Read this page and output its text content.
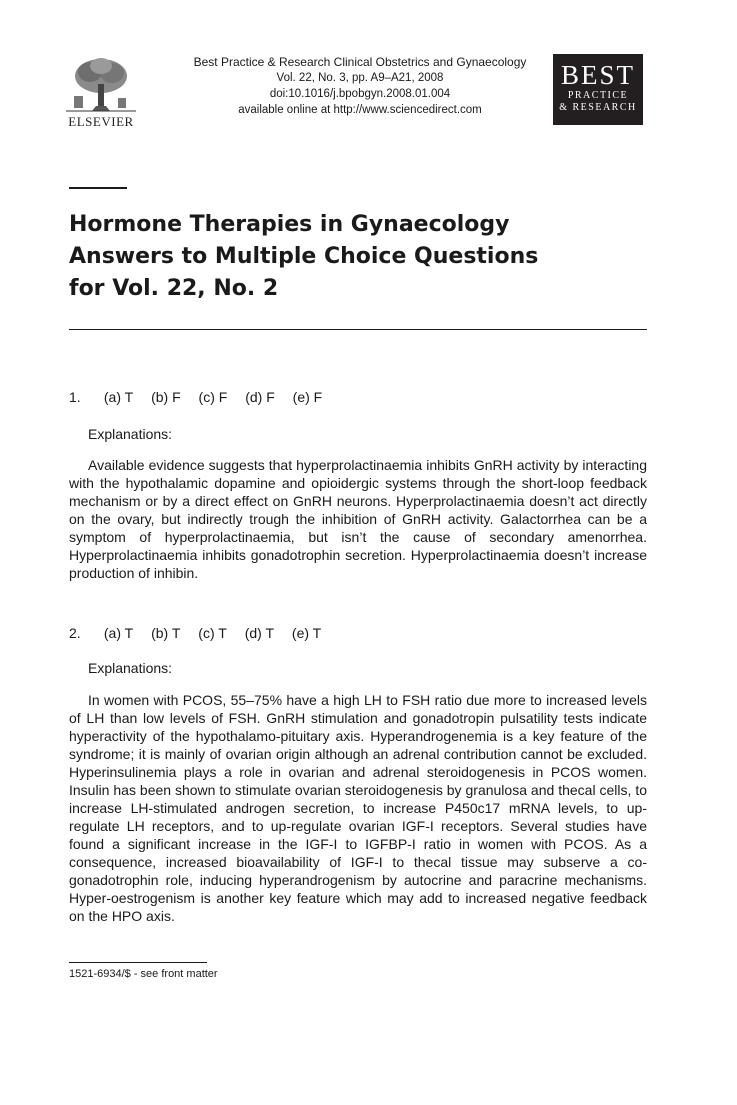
ELSEVIER
Best Practice & Research Clinical Obstetrics and Gynaecology
Vol. 22, No. 3, pp. A9–A21, 2008
doi:10.1016/j.bpobgyn.2008.01.004
available online at http://www.sciencedirect.com
BEST
PRACTICE
& RESEARCH
Hormone Therapies in Gynaecology
Answers to Multiple Choice Questions
for Vol. 22, No. 2
1. (a) T (b) F (c) F (d) F (e) F
Explanations:
Available evidence suggests that hyperprolactinaemia inhibits GnRH activity by interacting with the hypothalamic dopamine and opioidergic systems through the short-loop feedback mechanism or by a direct effect on GnRH neurons. Hyperprolactinaemia doesn’t act directly on the ovary, but indirectly trough the inhibition of GnRH activity. Galactorrhea can be a symptom of hyperprolactinaemia, but isn’t the cause of secondary amenorrhea. Hyperprolactinaemia inhibits gonadotrophin secretion. Hyperprolactinaemia doesn’t increase production of inhibin.
2. (a) T (b) T (c) T (d) T (e) T
Explanations:
In women with PCOS, 55–75% have a high LH to FSH ratio due more to increased levels of LH than low levels of FSH. GnRH stimulation and gonadotropin pulsatility tests indicate hyperactivity of the hypothalamo-pituitary axis. Hyperandrogenemia is a key feature of the syndrome; it is mainly of ovarian origin although an adrenal contribution cannot be excluded. Hyperinsulinemia plays a role in ovarian and adrenal steroidogenesis in PCOS women. Insulin has been shown to stimulate ovarian steroidogenesis by granulosa and thecal cells, to increase LH-stimulated androgen secretion, to increase P450c17 mRNA levels, to up-regulate LH receptors, and to up-regulate ovarian IGF-I receptors. Several studies have found a significant increase in the IGF-I to IGFBP-I ratio in women with PCOS. As a consequence, increased bioavailability of IGF-I to thecal tissue may subserve a co-gonadotrophin role, inducing hyperandrogenism by autocrine and paracrine mechanisms. Hyper-oestrogenism is another key feature which may add to increased negative feedback on the HPO axis.
1521-6934/$ - see front matter
